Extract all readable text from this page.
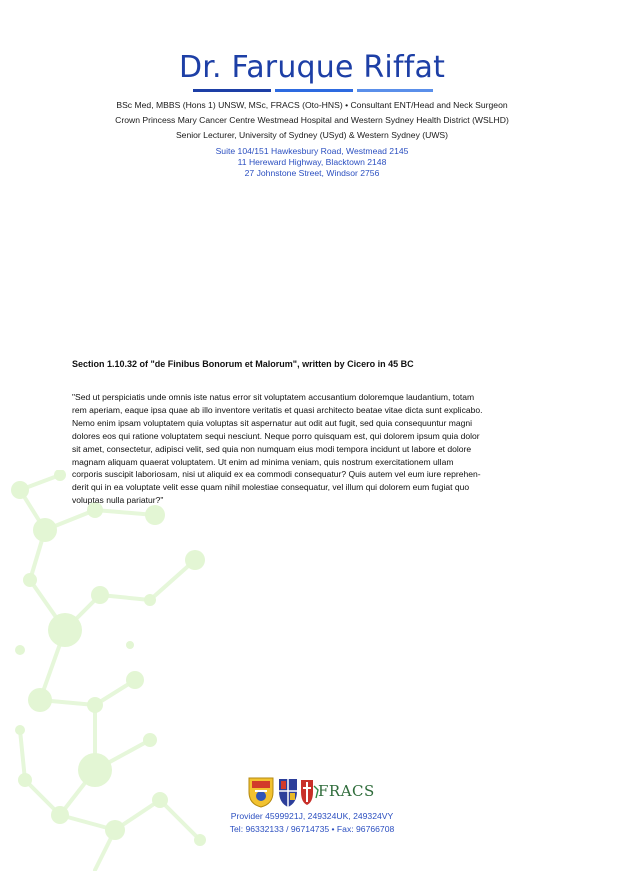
Dr. Faruque Riffat
BSc Med, MBBS (Hons 1) UNSW, MSc, FRACS (Oto-HNS) • Consultant ENT/Head and Neck Surgeon
Crown Princess Mary Cancer Centre Westmead Hospital and Western Sydney Health District (WSLHD)
Senior Lecturer, University of Sydney (USyd) & Western Sydney (UWS)
Suite 104/151 Hawkesbury Road, Westmead 2145
11 Hereward Highway, Blacktown 2148
27 Johnstone Street, Windsor 2756
Section 1.10.32 of "de Finibus Bonorum et Malorum", written by Cicero in 45 BC
"Sed ut perspiciatis unde omnis iste natus error sit voluptatem accusantium doloremque laudantium, totam
rem aperiam, eaque ipsa quae ab illo inventore veritatis et quasi architecto beatae vitae dicta sunt explicabo.
Nemo enim ipsam voluptatem quia voluptas sit aspernatur aut odit aut fugit, sed quia consequuntur magni
dolores eos qui ratione voluptatem sequi nesciunt. Neque porro quisquam est, qui dolorem ipsum quia dolor
sit amet, consectetur, adipisci velit, sed quia non numquam eius modi tempora incidunt ut labore et dolore
magnam aliquam quaerat voluptatem. Ut enim ad minima veniam, quis nostrum exercitationem ullam
corporis suscipit laboriosam, nisi ut aliquid ex ea commodi consequatur? Quis autem vel eum iure reprehen-
derit qui in ea voluptate velit esse quam nihil molestiae consequatur, vel illum qui dolorem eum fugiat quo
voluptas nulla pariatur?"
FRACS
Provider 4599921J, 249324UK, 249324VY
Tel: 96332133 / 96714735 • Fax: 96766708
